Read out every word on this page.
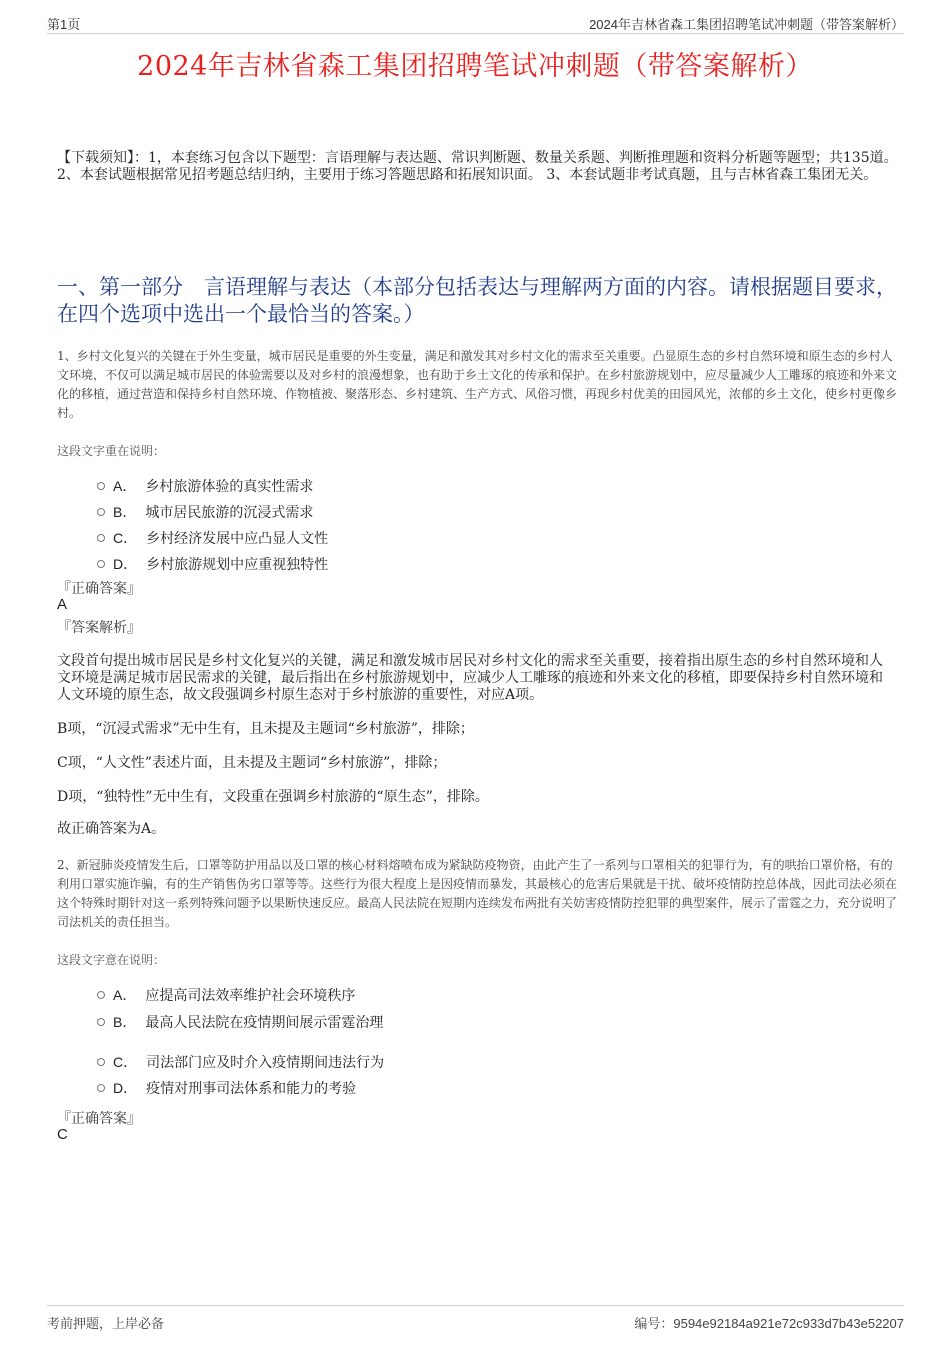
第1页	2024年吉林省森工集团招聘笔试冲刺题（带答案解析）
2024年吉林省森工集团招聘笔试冲刺题（带答案解析）
【下载须知】：1，本套练习包含以下题型：言语理解与表达题、常识判断题、数量关系题、判断推理题和资料分析题等题型；共135道。 2、本套试题根据常见招考题总结归纳，主要用于练习答题思路和拓展知识面。 3、本套试题非考试真题，且与吉林省森工集团无关。
一、第一部分　言语理解与表达（本部分包括表达与理解两方面的内容。请根据题目要求，在四个选项中选出一个最恰当的答案。）
1、乡村文化复兴的关键在于外生变量，城市居民是重要的外生变量，满足和激发其对乡村文化的需求至关重要。凸显原生态的乡村自然环境和原生态的乡村人文环境，不仅可以满足城市居民的体验需要以及对乡村的浪漫想象，也有助于乡土文化的传承和保护。在乡村旅游规划中，应尽量减少人工雕琢的痕迹和外来文化的移植，通过营造和保持乡村自然环境、作物植被、聚落形态、乡村建筑、生产方式、风俗习惯，再现乡村优美的田园风光，浓郁的乡土文化，使乡村更像乡村。
这段文字重在说明：
A． 乡村旅游体验的真实性需求
B． 城市居民旅游的沉浸式需求
C． 乡村经济发展中应凸显人文性
D． 乡村旅游规划中应重视独特性
『正确答案』
A
『答案解析』
文段首句提出城市居民是乡村文化复兴的关键，满足和激发城市居民对乡村文化的需求至关重要，接着指出原生态的乡村自然环境和人文环境是满足城市居民需求的关键，最后指出在乡村旅游规划中，应减少人工雕琢的痕迹和外来文化的移植，即要保持乡村自然环境和人文环境的原生态，故文段强调乡村原生态对于乡村旅游的重要性，对应A项。
B项，“沉浸式需求”无中生有，且未提及主题词“乡村旅游”，排除；
C项，“人文性”表述片面，且未提及主题词“乡村旅游”，排除；
D项，“独特性”无中生有，文段重在强调乡村旅游的“原生态”，排除。
故正确答案为A。
2、新冠肺炎疫情发生后，口罩等防护用品以及口罩的核心材料熔喷布成为紧缺防疫物资，由此产生了一系列与口罩相关的犯罪行为，有的哄抬口罩价格，有的利用口罩实施诈骗，有的生产销售伪劣口罩等等。这些行为很大程度上是因疫情而暴发，其最核心的危害后果就是干扰、破坏疫情防控总体战，因此司法必须在这个特殊时期针对这一系列特殊问题予以果断快速反应。最高人民法院在短期内连续发布两批有关妨害疫情防控犯罪的典型案件，展示了雷霆之力，充分说明了司法机关的责任担当。
这段文字意在说明：
A． 应提高司法效率维护社会环境秩序
B． 最高人民法院在疫情期间展示雷霆治理
C． 司法部门应及时介入疫情期间违法行为
D． 疫情对刑事司法体系和能力的考验
『正确答案』
C
考前押题，上岸必备	编号：9594e92184a921e72c933d7b43e52207
